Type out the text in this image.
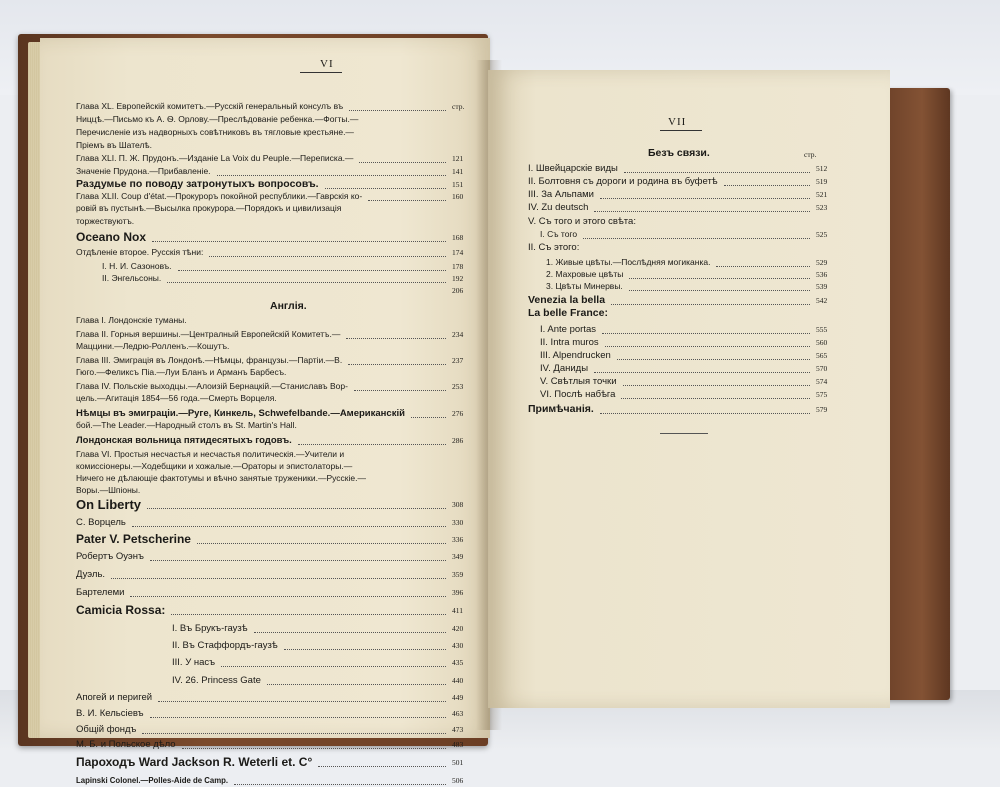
VI
Глава XL. Европейскій комитетъ.—Русскій генеральный консулъ въ	стр.
Ниццѣ.—Письмо къ А. Ѳ. Орлову.—Преслѣдованіе ребенка.—Фогты.—
Перечисленіе изъ надворныхъ совѣтниковъ въ тягловые крестьяне.—
Пріемъ въ Шателѣ.
Глава XLI. П. Ж. Прудонъ.—Изданіе La Voix du Peuple.—Переписка.—	121
Значеніе Прудона.—Прибавленіе.	141
Раздумье по поводу затронутыхъ вопросовъ.	151
Глава XLII. Coup d'état.—Прокуроръ покойной республики.—Гаврскія ко-	160
ровій въ пустынѣ.—Высылка прокурора.—Порядокъ и цивилизація
торжествуютъ.
Oceano Nox	168
Отдѣленіе второе. Русскія тѣни:	174
I. Н. И. Сазоновъ.	178
II. Энгельсоны.	192
206
Англія.
Глава I. Лондонскіе туманы.
Глава II. Горныя вершины.—Централный Европейскій Комитетъ.—	234
Маццини.—Ледрю-Ролленъ.—Кошутъ.
Глава III. Эмиграція въ Лондонѣ.—Нѣмцы, французы.—Партіи.—В.	237
Гюго.—Феликсъ Піа.—Луи Бланъ и Арманъ Барбесъ.
Глава IV. Польскіе выходцы.—Алоизій Бернацкій.—Станиславъ Вор-	253
цель.—Агитація 1854—56 года.—Смерть Ворцеля.
Нѣмцы въ эмиграціи.—Руге, Кинкель, Schwefelbande.—Американскій	276
бой.—The Leader.—Народный столъ въ St. Martin's Hall.
Лондонская вольница пятидесятыхъ годовъ.	286
Глава VI. Простыя несчастья и несчастья политическія.—Учители и
комиссіонеры.—Ходебщики и хожалые.—Ораторы и эпистолаторы.—
Ничего не дѣлающіе фактотумы и вѣчно занятые труженики.—Русскіе.—
Воры.—Шпіоны.
On Liberty	308
С. Ворцель	330
Pater V. Petscherine	336
Робертъ Оуэнъ	349
Дуэль.	359
Бартелеми	396
Camicia Rossa:	411
I. Въ Брукъ-гаузѣ	420
II. Въ Стаффордъ-гаузѣ	430
III. У насъ	435
IV. 26. Princess Gate	440
Апогей и перигей	449
В. И. Кельсіевъ	463
Общій фондъ	473
М. Б. и Польское дѣло	483
Пароходъ Ward Jackson R. Weterli et. C°	501
Lapinski Colonel.—Polles-Aide de Camp.	506
VII
Безъ связи.	стр.
I. Швейцарскіе виды	512
II. Болтовня съ дороги и родина въ буфетѣ	519
III. За Альпами	521
IV. Zu deutsch	523
V. Съ того и этого свѣта:
I. Съ того	525
II. Съ этого:
1. Живые цвѣты.—Послѣдняя могиканка.	529
2. Махровые цвѣты	536
3. Цвѣты Минервы.	539
Venezia la bella	542
La belle France:
I. Ante portas	555
II. Intra muros	560
III. Alpendrucken	565
IV. Даниды	570
V. Свѣтлыя точки	574
VI. Послѣ набѣга	575
Примѣчанія.	579
